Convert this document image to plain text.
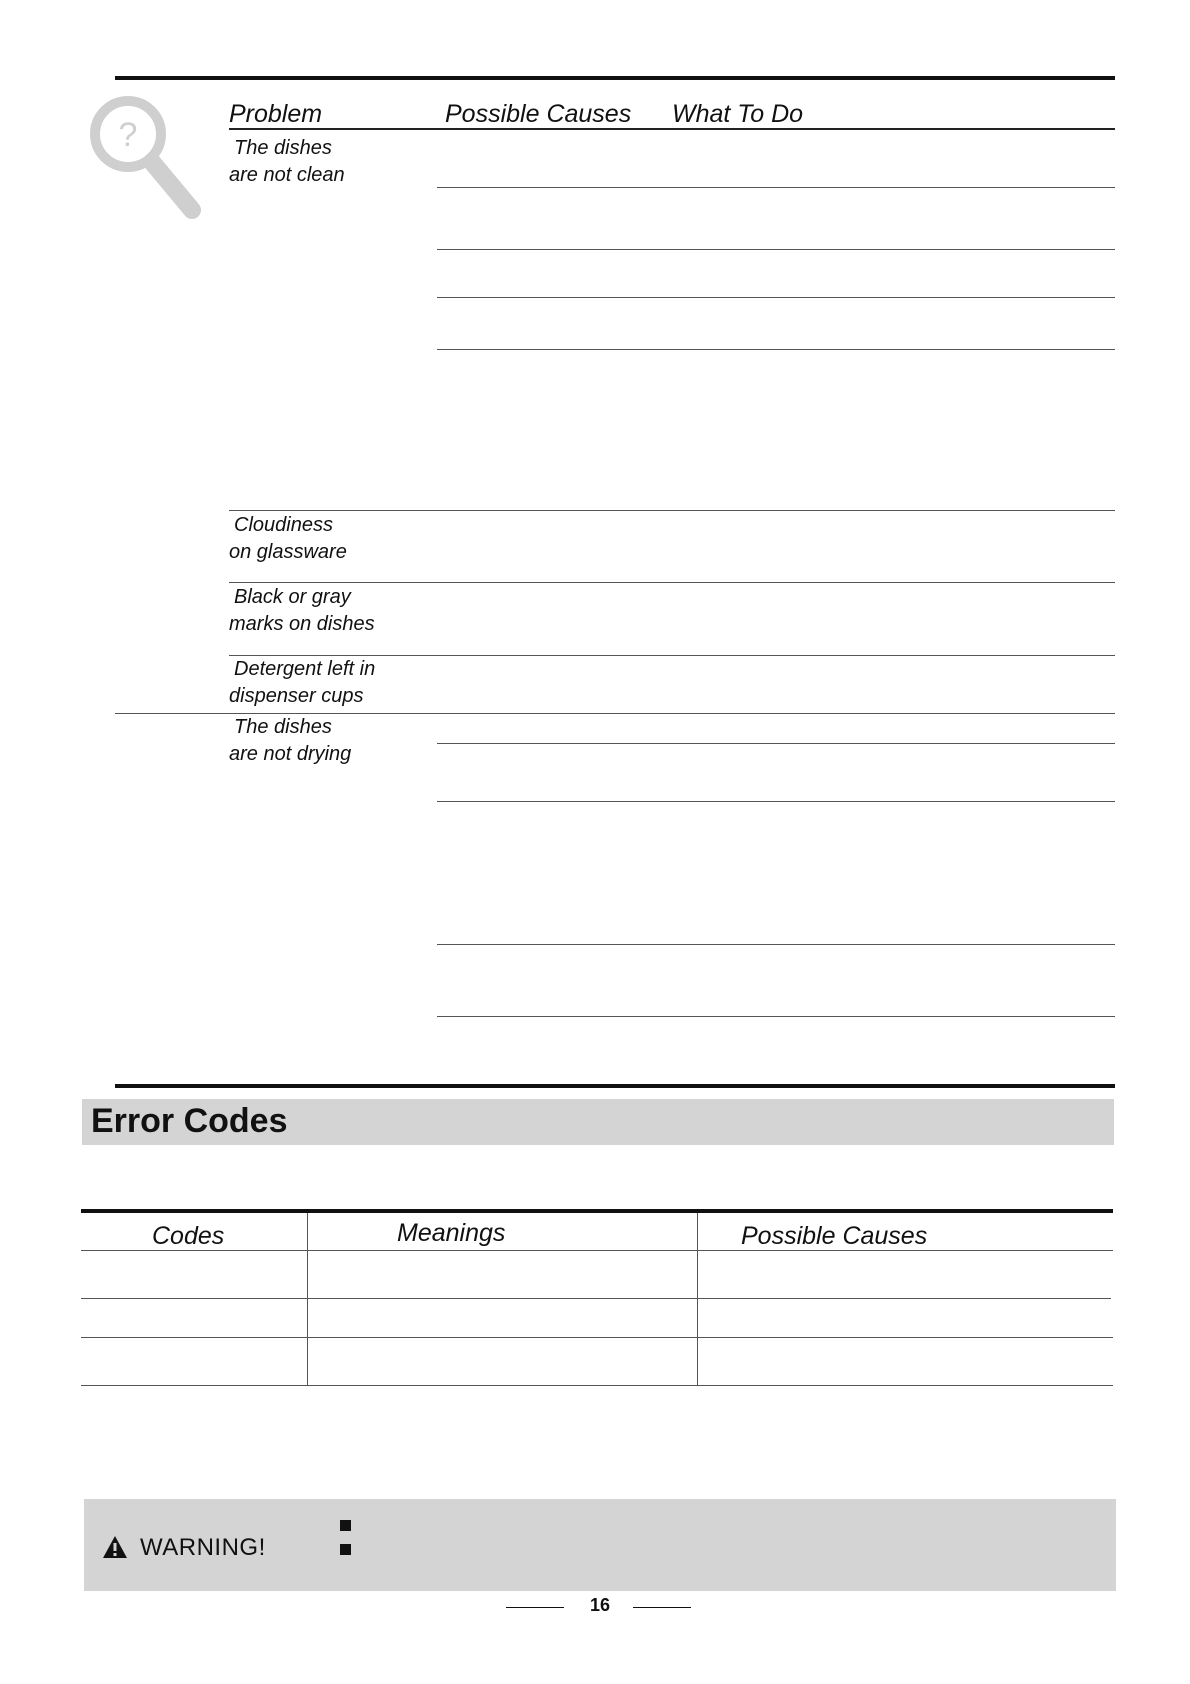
?
Problem	Possible Causes What To Do
The dishes
are not clean
Cloudiness
on glassware
Black or gray
marks on dishes
Detergent left in
dispenser cups
The dishes
are not drying
Error Codes
Codes	Meanings	Possible Causes
WARNING!
16
